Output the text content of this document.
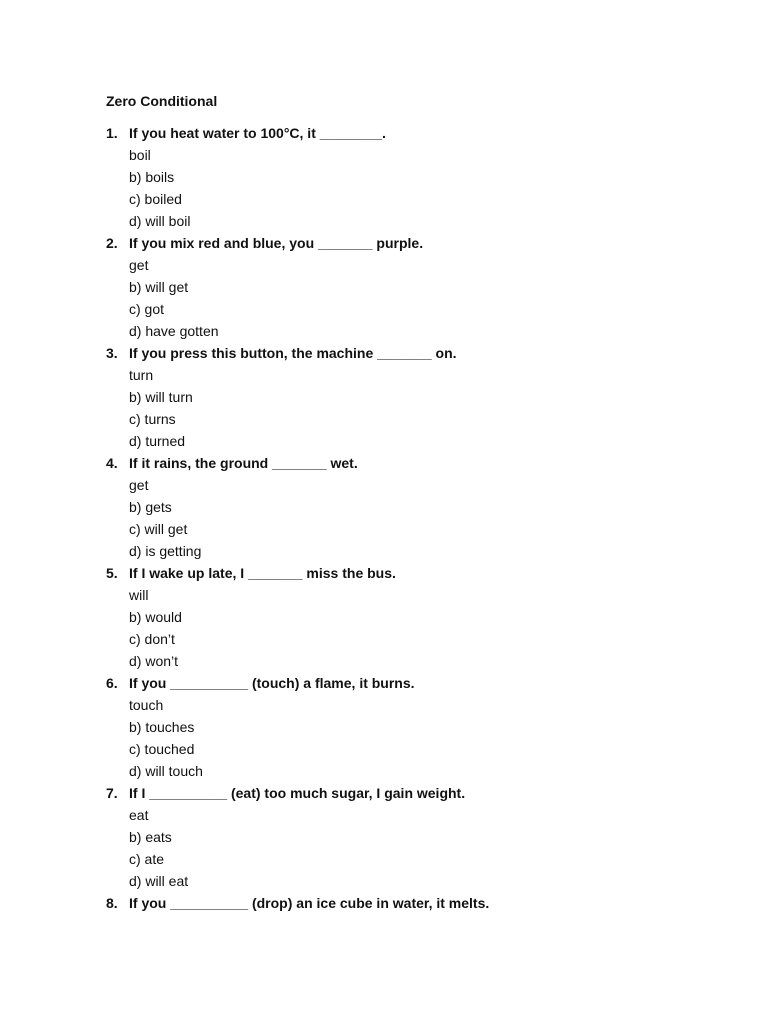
Zero Conditional
1. If you heat water to 100°C, it ________.
boil
b) boils
c) boiled
d) will boil
2. If you mix red and blue, you _______ purple.
get
b) will get
c) got
d) have gotten
3. If you press this button, the machine _______ on.
turn
b) will turn
c) turns
d) turned
4. If it rains, the ground _______ wet.
get
b) gets
c) will get
d) is getting
5. If I wake up late, I _______ miss the bus.
will
b) would
c) don’t
d) won’t
6. If you __________ (touch) a flame, it burns.
touch
b) touches
c) touched
d) will touch
7. If I __________ (eat) too much sugar, I gain weight.
eat
b) eats
c) ate
d) will eat
8. If you __________ (drop) an ice cube in water, it melts.
